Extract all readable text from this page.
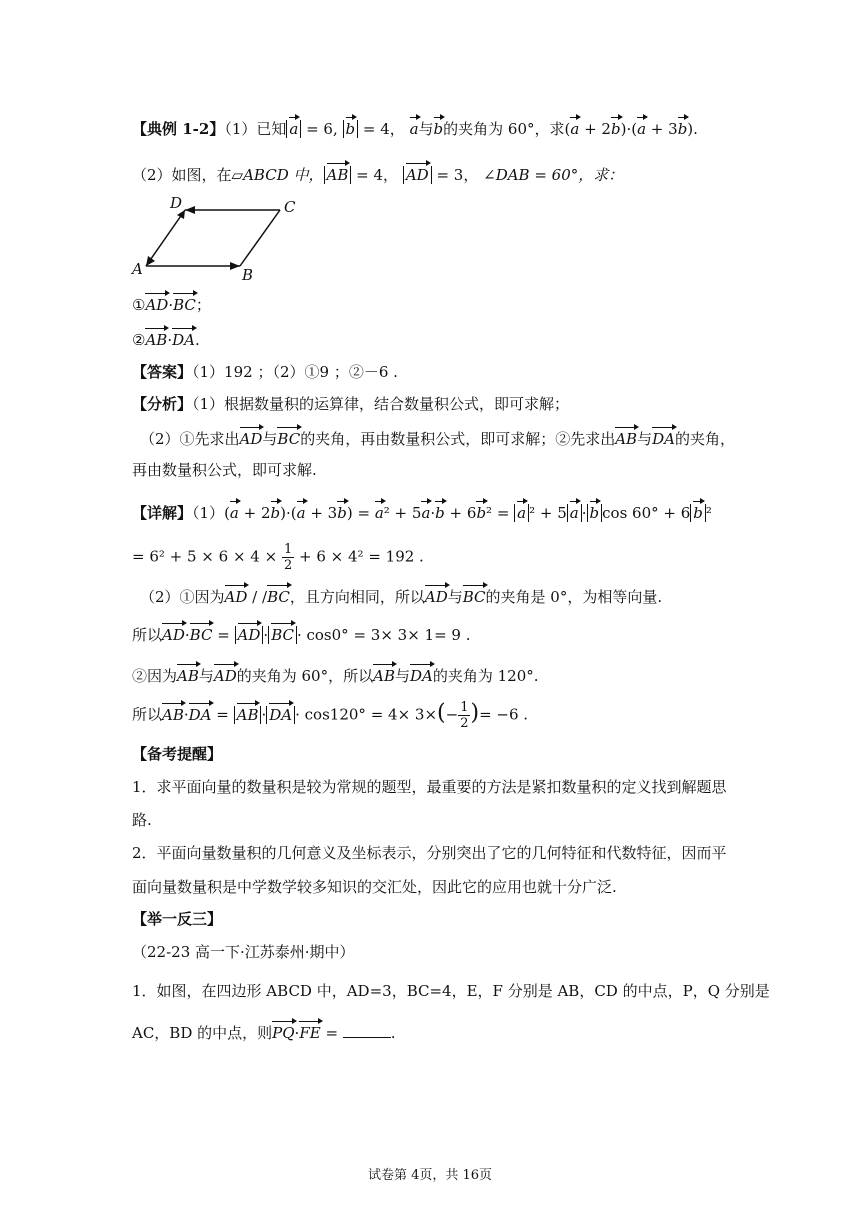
【典例 1-2】（1）已知 a = 6, b = 4， a与b的夹角为 60°，求(a + 2b)·(a + 3b).
（2）如图，在▱ABCD 中， AB = 4， AD = 3， ∠DAB = 60°，求：
A	B
C
D
①AD·BC；
②AB·DA.
【答案】（1）192 ；（2）①9 ；②－6 .
【分析】（1）根据数量积的运算律，结合数量积公式，即可求解；
（2）①先求出AD与BC的夹角，再由数量积公式，即可求解；②先求出AB与DA的夹角，
再由数量积公式，即可求解.
【详解】（1）(a + 2b)·(a + 3b) = a² + 5a·b + 6b² = a ² + 5 a · b cos 60° + 6 b ²
= $6^2 + 5 \times 6 \times 4 \times \frac{1}{2} + 6 \times 4^2 = 192$ .
（2）①因为AD / /BC，且方向相同，所以AD与BC的夹角是 0°，为相等向量.
所以AD·BC = AD · BC · cos0° = 3× 3× 1= 9 .
②因为AB与AD的夹角为 60°，所以AB与DA的夹角为 120°.
所以AB·DA = AB · DA · $\cos 120^\circ = 4\times 3\times(- \frac{1}{2}$ )= −6 .
【备考提醒】
1．求平面向量的数量积是较为常规的题型，最重要的方法是紧扣数量积的定义找到解题思
路.
2．平面向量数量积的几何意义及坐标表示，分别突出了它的几何特征和代数特征，因而平
面向量数量积是中学数学较多知识的交汇处，因此它的应用也就十分广泛.
【举一反三】
（22-23 高一下·江苏泰州·期中）
1．如图，在四边形 ABCD 中，AD=3，BC=4，E，F 分别是 AB，CD 的中点，P，Q 分别是
AC，BD 的中点，则PQ·FE =	.
试卷第 4页，共 16页
